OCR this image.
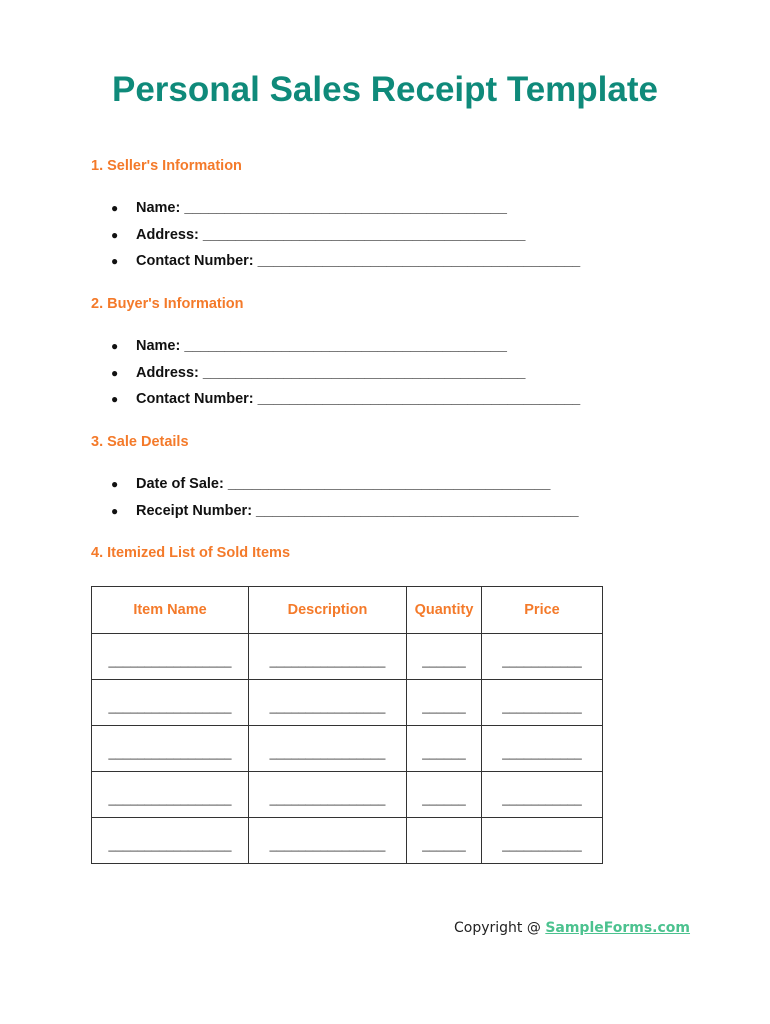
Personal Sales Receipt Template
1. Seller's Information
● Name: ________________________________________
● Address: ________________________________________
● Contact Number: ________________________________________
2. Buyer's Information
● Name: ________________________________________
● Address: ________________________________________
● Contact Number: ________________________________________
3. Sale Details
● Date of Sale: ________________________________________
● Receipt Number: ________________________________________
4. Itemized List of Sold Items
Item Name	Description	Quantity	Price
_________________	________________	______	___________
_________________	________________	______	___________
_________________	________________	______	___________
_________________	________________	______	___________
_________________	________________	______	___________
Copyright @ SampleForms.com
